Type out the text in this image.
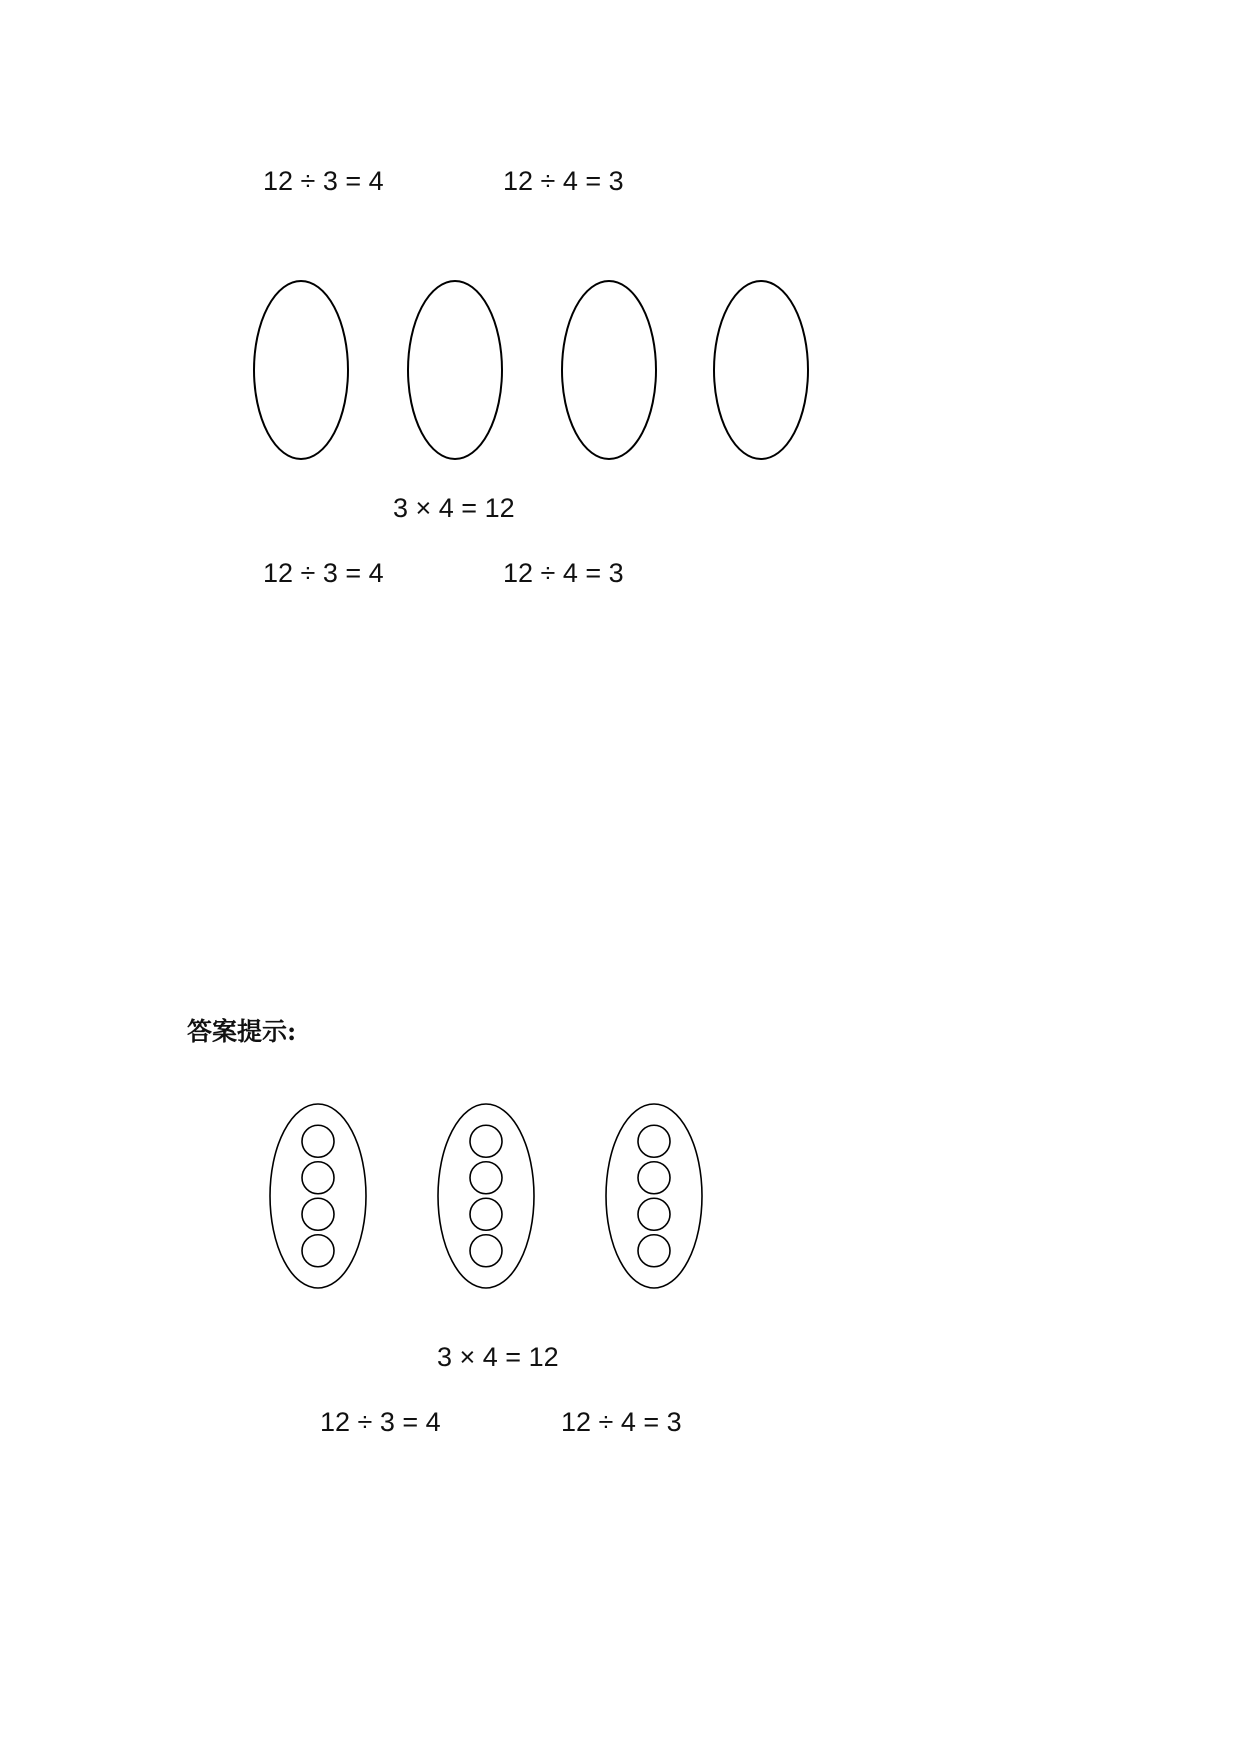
12 ÷ 3 = 4	12 ÷ 4 = 3
3 × 4 = 12
12 ÷ 3 = 4	12 ÷ 4 = 3
答案提示:
3 × 4 = 12
12 ÷ 3 = 4	12 ÷ 4 = 3
